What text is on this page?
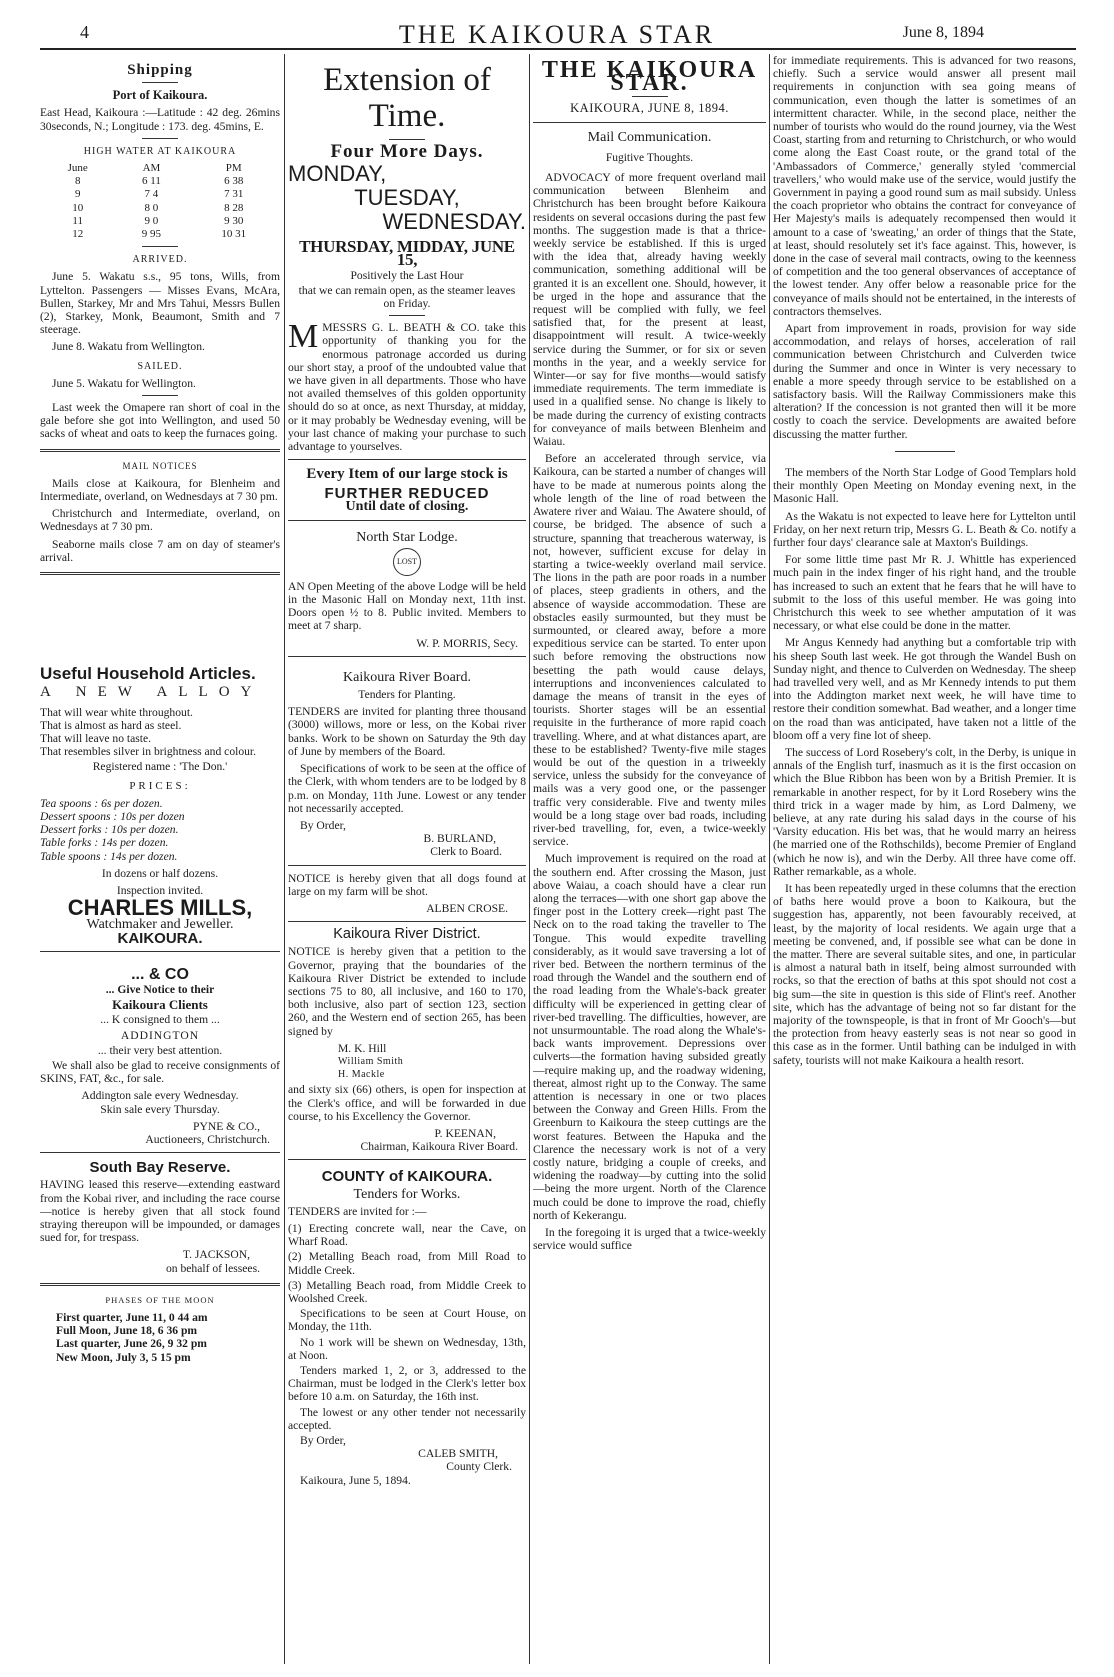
4	THE KAIKOURA STAR	June 8, 1894
Shipping
Port of Kaikoura.

East Head, Kaikoura :—Latitude : 42 deg. 26mins 30seconds, N.; Longitude : 173. deg. 45mins, E.

HIGH WATER AT KAIKOURA
June	AM	PM
8	6 11	6 38
9	7 4	7 31
10	8 0	8 28
11	9 0	9 30
12	9 95	10 31
ARRIVED.

June 5. Wakatu s.s., 95 tons, Wills, from Lyttelton. Passengers — Misses Evans, McAra, Bullen, Starkey, Mr and Mrs Tahui, Messrs Bullen (2), Starkey, Monk, Beaumont, Smith and 7 steerage.

June 8. Wakatu from Wellington.

SAILED.

June 5. Wakatu for Wellington.

Last week the Omapere ran short of coal in the gale before she got into Wellington, and used 50 sacks of wheat and oats to keep the furnaces going.

MAIL NOTICES

Mails close at Kaikoura, for Blenheim and Intermediate, overland, on Wednesdays at 7 30 pm.

Christchurch and Intermediate, overland, on Wednesdays at 7 30 pm.

Seaborne mails close 7 am on day of steamer's arrival.

Useful Household Articles.
A NEW ALLOY

That will wear white throughout.

That is almost as hard as steel.

That will leave no taste.

That resembles silver in brightness and colour.

Registered name : 'The Don.'

PRICES:

Tea spoons : 6s per dozen.

Dessert spoons : 10s per dozen

Dessert forks : 10s per dozen.

Table forks : 14s per dozen.

Table spoons : 14s per dozen.

In dozens or half dozens.

Inspection invited.

CHARLES MILLS,
Watchmaker and Jeweller.
KAIKOURA.
... & CO

... Give Notice to their

Kaikoura Clients

... K consigned to them ...

ADDINGTON

... their very best attention.

We shall also be glad to receive consignments of SKINS, FAT, &c., for sale.

Addington sale every Wednesday.

Skin sale every Thursday.

PYNE & CO.,

Auctioneers, Christchurch.

South Bay Reserve.

HAVING leased this reserve—extending eastward from the Kobai river, and including the race course—notice is hereby given that all stock found straying thereupon will be impounded, or damages sued for, for trespass.

T. JACKSON,

on behalf of lessees.

PHASES OF THE MOON

First quarter, June 11, 0 44 am

Full Moon, June 18, 6 36 pm

Last quarter, June 26, 9 32 pm

New Moon, July 3, 5 15 pm

Extension of Time.
Four More Days.
MONDAY,
TUESDAY,
WEDNESDAY.
THURSDAY, MIDDAY, JUNE 15,

Positively the Last Hour

that we can remain open, as the steamer leaves on Friday.

MMESSRS G. L. BEATH & CO. take this opportunity of thanking you for the enormous patronage accorded us during our short stay, a proof of the undoubted value that we have given in all departments. Those who have not availed themselves of this golden opportunity should do so at once, as next Thursday, at midday, or it may probably be Wednesday evening, will be your last chance of making your purchase to such advantage to yourselves.

Every Item of our large stock is
FURTHER REDUCED
Until date of closing.
North Star Lodge.
LOST

AN Open Meeting of the above Lodge will be held in the Masonic Hall on Monday next, 11th inst. Doors open ½ to 8. Public invited. Members to meet at 7 sharp.

W. P. MORRIS, Secy.

Kaikoura River Board.
Tenders for Planting.

TENDERS are invited for planting three thousand (3000) willows, more or less, on the Kobai river banks. Work to be shown on Saturday the 9th day of June by members of the Board.

Specifications of work to be seen at the office of the Clerk, with whom tenders are to be lodged by 8 p.m. on Monday, 11th June. Lowest or any tender not necessarily accepted.

By Order,

B. BURLAND,

Clerk to Board.

NOTICE is hereby given that all dogs found at large on my farm will be shot.

ALBEN CROSE.

Kaikoura River District.

NOTICE is hereby given that a petition to the Governor, praying that the boundaries of the Kaikoura River District be extended to include sections 75 to 80, all inclusive, and 160 to 170, both inclusive, also part of section 123, section 260, and the Western end of section 265, has been signed by

M. K. Hill

William Smith

H. Mackle

and sixty six (66) others, is open for inspection at the Clerk's office, and will be forwarded in due course, to his Excellency the Governor.

P. KEENAN,

Chairman, Kaikoura River Board.

COUNTY of KAIKOURA.
Tenders for Works.

TENDERS are invited for :—

(1) Erecting concrete wall, near the Cave, on Wharf Road.

(2) Metalling Beach road, from Mill Road to Middle Creek.

(3) Metalling Beach road, from Middle Creek to Woolshed Creek.

Specifications to be seen at Court House, on Monday, the 11th.

No 1 work will be shewn on Wednesday, 13th, at Noon.

Tenders marked 1, 2, or 3, addressed to the Chairman, must be lodged in the Clerk's letter box before 10 a.m. on Saturday, the 16th inst.

The lowest or any other tender not necessarily accepted.

By Order,

CALEB SMITH,

County Clerk.

Kaikoura, June 5, 1894.

THE KAIKOURA STAR.
KAIKOURA, JUNE 8, 1894.
Mail Communication.
Fugitive Thoughts.

ADVOCACY of more frequent overland mail communication between Blenheim and Christchurch has been brought before Kaikoura residents on several occasions during the past few months. The suggestion made is that a thrice-weekly service be established. If this is urged with the idea that, already having weekly communication, something additional will be granted it is an excellent one. Should, however, it be urged in the hope and assurance that the request will be complied with fully, we feel satisfied that, for the present at least, disappointment will result. A twice-weekly service during the Summer, or for six or seven months in the year, and a weekly service for Winter—or say for five months—would satisfy immediate requirements. The term immediate is used in a qualified sense. No change is likely to be made during the currency of existing contracts for conveyance of mails between Blenheim and Waiau.

Before an accelerated through service, via Kaikoura, can be started a number of changes will have to be made at numerous points along the whole length of the line of road between the Awatere river and Waiau. The Awatere should, of course, be bridged. The absence of such a structure, spanning that treacherous waterway, is not, however, sufficient excuse for delay in starting a twice-weekly overland mail service. The lions in the path are poor roads in a number of places, steep gradients in others, and the absence of wayside accommodation. These are obstacles easily surmounted, but they must be surmounted, or cleared away, before a more expeditious service can be started. To enter upon such before removing the obstructions now besetting the path would cause delays, interruptions and inconveniences calculated to damage the means of transit in the eyes of tourists. Shorter stages will be an essential requisite in the furtherance of more rapid coach travelling. Where, and at what distances apart, are these to be established? Twenty-five mile stages would be out of the question in a triweekly service, unless the subsidy for the conveyance of mails was a very good one, or the passenger traffic very considerable. Five and twenty miles would be a long stage over bad roads, including river-bed travelling, for, even, a twice-weekly service.

Much improvement is required on the road at the southern end. After crossing the Mason, just above Waiau, a coach should have a clear run along the terraces—with one short gap above the finger post in the Lottery creek—right past The Neck on to the road taking the traveller to The Tongue. This would expedite travelling considerably, as it would save traversing a lot of river bed. Between the northern terminus of the road through the Wandel and the southern end of the road leading from the Whale's-back greater difficulty will be experienced in getting clear of river-bed travelling. The difficulties, however, are not unsurmountable. The road along the Whale's-back wants improvement. Depressions over culverts—the formation having subsided greatly—require making up, and the roadway widening, thereat, almost right up to the Conway. The same attention is necessary in one or two places between the Conway and Green Hills. From the Greenburn to Kaikoura the steep cuttings are the worst features. Between the Hapuka and the Clarence the necessary work is not of a very costly nature, bridging a couple of creeks, and widening the roadway—by cutting into the solid—being the more urgent. North of the Clarence much could be done to improve the road, chiefly north of Kekerangu.

In the foregoing it is urged that a twice-weekly service would suffice

for immediate requirements. This is advanced for two reasons, chiefly. Such a service would answer all present mail requirements in conjunction with sea going means of communication, even though the latter is sometimes of an intermittent character. While, in the second place, neither the number of tourists who would do the round journey, via the West Coast, starting from and returning to Christchurch, or who would come along the East Coast route, or the grand total of the 'Ambassadors of Commerce,' generally styled 'commercial travellers,' who would make use of the service, would justify the Government in paying a good round sum as mail subsidy. Unless the coach proprietor who obtains the contract for conveyance of Her Majesty's mails is adequately recompensed then would it amount to a case of 'sweating,' an order of things that the State, at least, should resolutely set it's face against. This, however, is done in the case of several mail contracts, owing to the keenness of competition and the too general observances of acceptance of the lowest tender. Any offer below a reasonable price for the conveyance of mails should not be entertained, in the interests of contractors themselves.

Apart from improvement in roads, provision for way side accommodation, and relays of horses, acceleration of rail communication between Christchurch and Culverden twice during the Summer and once in Winter is very necessary to enable a more speedy through service to be established on a satisfactory basis. Will the Railway Commissioners make this alteration? If the concession is not granted then will it be more costly to coach the service. Developments are awaited before discussing the matter further.

The members of the North Star Lodge of Good Templars hold their monthly Open Meeting on Monday evening next, in the Masonic Hall.

As the Wakatu is not expected to leave here for Lyttelton until Friday, on her next return trip, Messrs G. L. Beath & Co. notify a further four days' clearance sale at Maxton's Buildings.

For some little time past Mr R. J. Whittle has experienced much pain in the index finger of his right hand, and the trouble has increased to such an extent that he fears that he will have to submit to the loss of this useful member. He was going into Christchurch this week to see whether amputation of it was necessary, or what else could be done in the matter.

Mr Angus Kennedy had anything but a comfortable trip with his sheep South last week. He got through the Wandel Bush on Sunday night, and thence to Culverden on Wednesday. The sheep had travelled very well, and as Mr Kennedy intends to put them into the Addington market next week, he will have time to restore their condition somewhat. Bad weather, and a longer time on the road than was anticipated, have taken not a little of the bloom off a very fine lot of sheep.

The success of Lord Rosebery's colt, in the Derby, is unique in annals of the English turf, inasmuch as it is the first occasion on which the Blue Ribbon has been won by a British Premier. It is remarkable in another respect, for by it Lord Rosebery wins the third trick in a wager made by him, as Lord Dalmeny, we believe, at any rate during his salad days in the course of his 'Varsity education. His bet was, that he would marry an heiress (he married one of the Rothschilds), become Premier of England (which he now is), and win the Derby. All three have come off. Rather remarkable, as a whole.

It has been repeatedly urged in these columns that the erection of baths here would prove a boon to Kaikoura, but the suggestion has, apparently, not been favourably received, at least, by the majority of local residents. We again urge that a meeting be convened, and, if possible see what can be done in the matter. There are several suitable sites, and one, in particular is almost a natural bath in itself, being almost surrounded with rocks, so that the erection of baths at this spot should not cost a big sum—the site in question is this side of Flint's reef. Another site, which has the advantage of being not so far distant for the majority of the townspeople, is that in front of Mr Gooch's—but the protection from heavy easterly seas is not near so good in this case as in the former. Until bathing can be indulged in with safety, tourists will not make Kaikoura a health resort.
